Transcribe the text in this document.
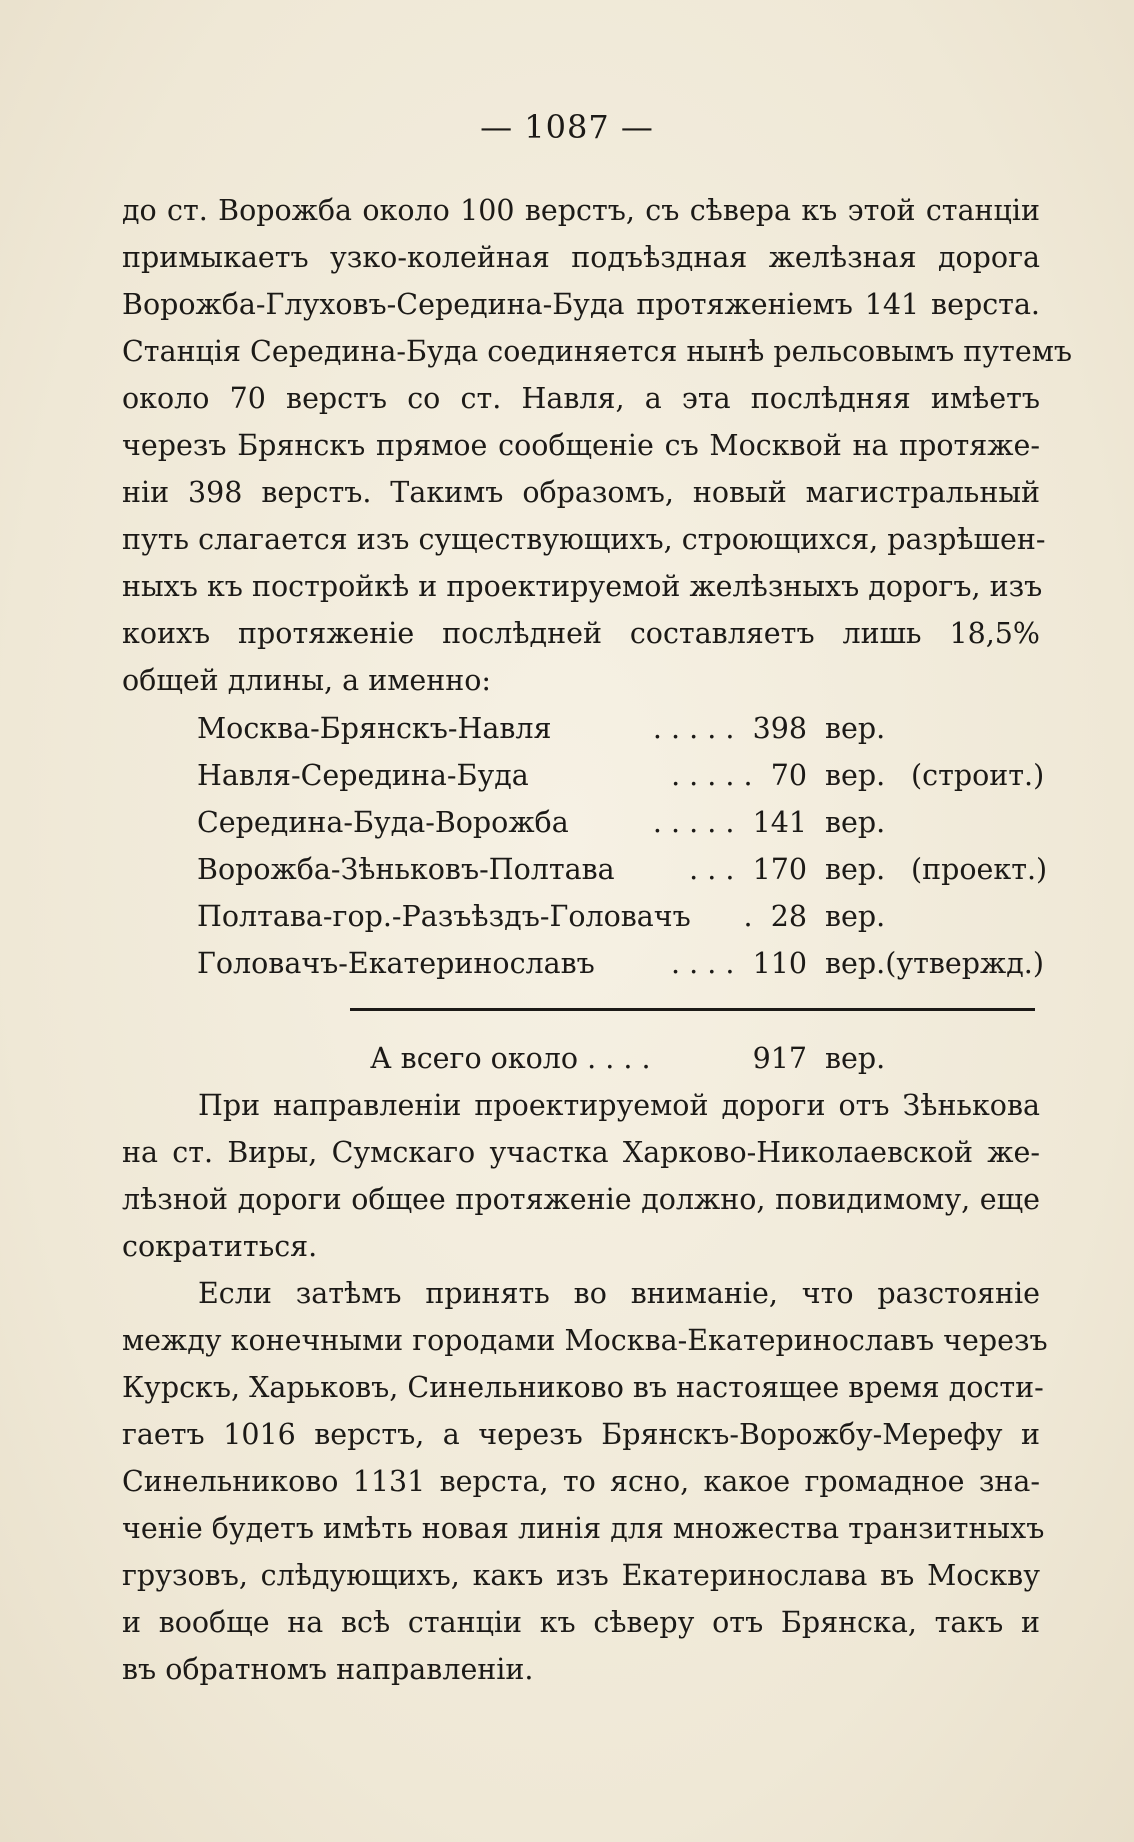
— 1087 —
до ст. Ворожба около 100 верстъ, съ сѣвера къ этой станціи
примыкаетъ узко-колейная подъѣздная желѣзная дорога
Ворожба-Глуховъ-Середина-Буда протяженіемъ 141 верста.
Станція Середина-Буда соединяется нынѣ рельсовымъ путемъ
около 70 верстъ со ст. Навля, а эта послѣдняя имѣетъ
черезъ Брянскъ прямое сообщеніе съ Москвой на протяже-
ніи 398 верстъ. Такимъ образомъ, новый магистральный
путь слагается изъ существующихъ, строющихся, разрѣшен-
ныхъ къ постройкѣ и проектируемой желѣзныхъ дорогъ, изъ
коихъ протяженіе послѣдней составляетъ лишь 18,5%
общей длины, а именно:
Москва-Брянскъ-Навля	. . . . . 398 вер.
Навля-Середина-Буда	. . . . . 70 вер. (строит.)
Середина-Буда-Ворожба	. . . . . 141 вер.
Ворожба-Зѣньковъ-Полтава	. . . 170 вер. (проект.)
Полтава-гор.-Разъѣздъ-Головачъ	. 28 вер.
Головачъ-Екатеринославъ	. . . . 110 вер.(утвержд.)
А всего около . . . .	917 вер.
При направленіи проектируемой дороги отъ Зѣнькова
на ст. Виры, Сумскаго участка Харково-Николаевской же-
лѣзной дороги общее протяженіе должно, повидимому, еще
сократиться.
Если затѣмъ принять во вниманіе, что разстояніе
между конечными городами Москва-Екатеринославъ черезъ
Курскъ, Харьковъ, Синельниково въ настоящее время дости-
гаетъ 1016 верстъ, а черезъ Брянскъ-Ворожбу-Мерефу и
Синельниково 1131 верста, то ясно, какое громадное зна-
ченіе будетъ имѣть новая линія для множества транзитныхъ
грузовъ, слѣдующихъ, какъ изъ Екатеринослава въ Москву
и вообще на всѣ станціи къ сѣверу отъ Брянска, такъ и
въ обратномъ направленіи.
